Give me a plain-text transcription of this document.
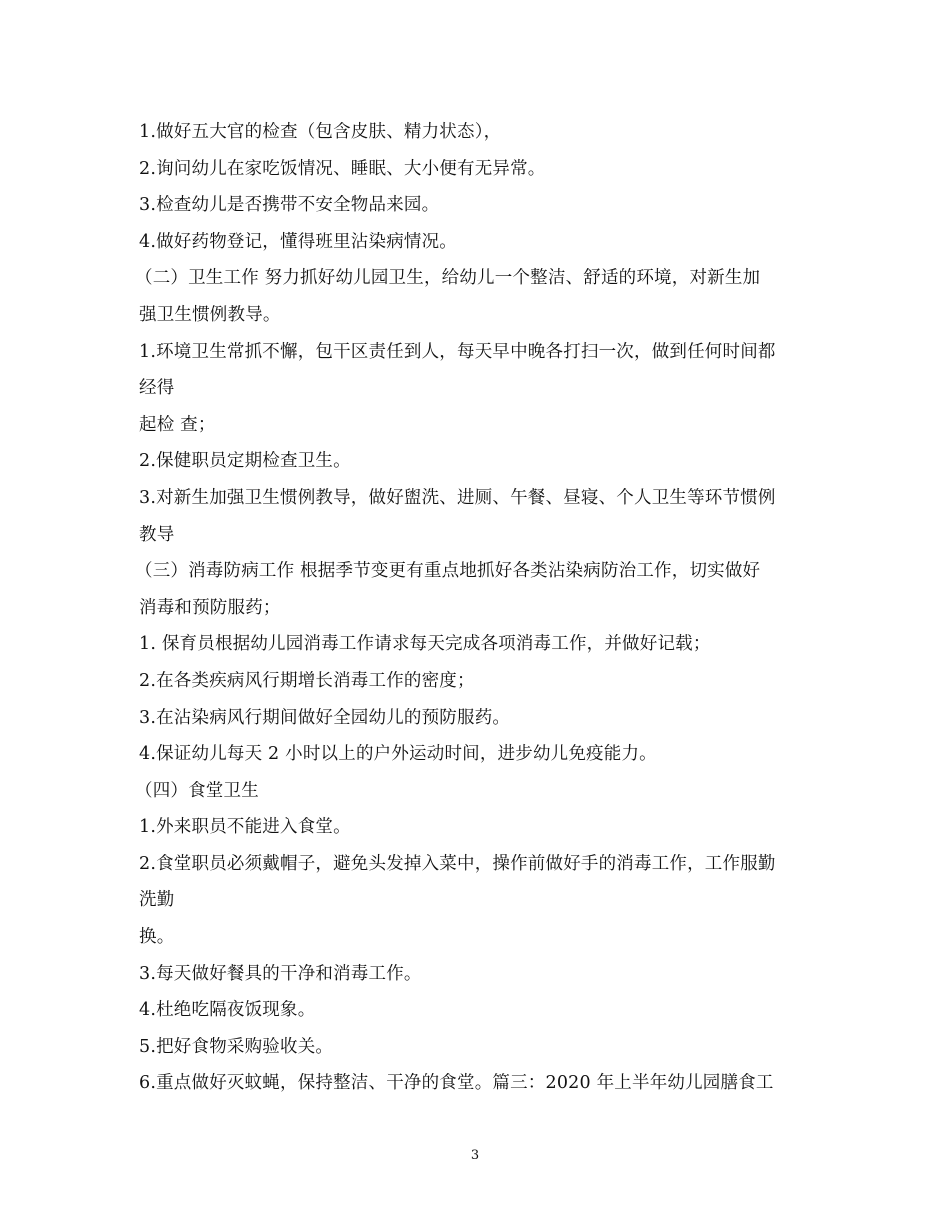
1.做好五大官的检查（包含皮肤、精力状态），
2.询问幼儿在家吃饭情况、睡眠、大小便有无异常。
3.检查幼儿是否携带不安全物品来园。
4.做好药物登记，懂得班里沾染病情况。
（二）卫生工作 努力抓好幼儿园卫生，给幼儿一个整洁、舒适的环境，对新生加
强卫生惯例教导。
1.环境卫生常抓不懈，包干区责任到人，每天早中晚各打扫一次，做到任何时间都
经得
起检 查；
2.保健职员定期检查卫生。
3.对新生加强卫生惯例教导，做好盥洗、进厕、午餐、昼寝、个人卫生等环节惯例
教导
（三）消毒防病工作 根据季节变更有重点地抓好各类沾染病防治工作，切实做好
消毒和预防服药；
1. 保育员根据幼儿园消毒工作请求每天完成各项消毒工作，并做好记载；
2.在各类疾病风行期增长消毒工作的密度；
3.在沾染病风行期间做好全园幼儿的预防服药。
4.保证幼儿每天 2 小时以上的户外运动时间，进步幼儿免疫能力。
（四）食堂卫生
1.外来职员不能进入食堂。
2.食堂职员必须戴帽子，避免头发掉入菜中，操作前做好手的消毒工作，工作服勤
洗勤
换。
3.每天做好餐具的干净和消毒工作。
4.杜绝吃隔夜饭现象。
5.把好食物采购验收关。
6.重点做好灭蚊蝇，保持整洁、干净的食堂。篇三：2020 年上半年幼儿园膳食工
3
